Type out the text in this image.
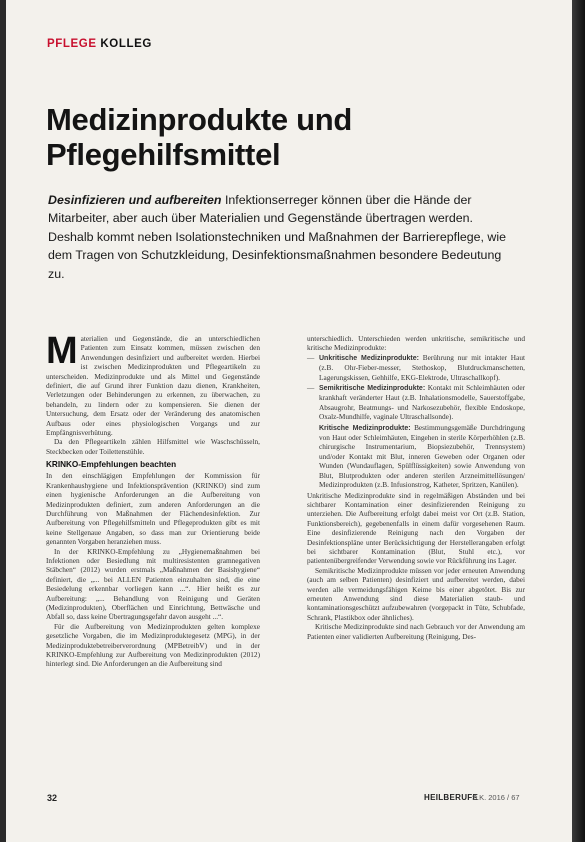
PFLEGE KOLLEG
Medizinprodukte und
Pflegehilfsmittel
Desinfizieren und aufbereiten Infektionserreger können über die Hände der Mitarbeiter, aber auch über Materialien und Gegenstände übertragen werden. Deshalb kommt neben Isolationstechniken und Maßnahmen der Barrierepflege, wie dem Tragen von Schutzkleidung, Desinfektionsmaßnahmen besondere Bedeutung zu.

Materialien und Gegenstände, die an unterschiedlichen Patienten zum Einsatz kommen, müssen zwischen den Anwendungen desinfiziert und aufbereitet werden. Hierbei ist zwischen Medizinprodukten und Pflegeartikeln zu unterscheiden. Medizinprodukte und als Mittel und Gegenstände definiert, die auf Grund ihrer Funktion dazu dienen, Krankheiten, Verletzungen oder Behinderungen zu erkennen, zu überwachen, zu behandeln, zu lindern oder zu kompensieren. Sie dienen der Untersuchung, dem Ersatz oder der Veränderung des anatomischen Aufbaus oder eines physiologischen Vorgangs und zur Empfängnisverhütung.

Da den Pflegeartikeln zählen Hilfsmittel wie Waschschüsseln, Steckbecken oder Toilettenstühle.

KRINKO-Empfehlungen beachten

In den einschlägigen Empfehlungen der Kommission für Krankenhaushygiene und Infektionsprävention (KRINKO) sind zum einen hygienische Anforderungen an die Aufbereitung von Medizinprodukten definiert, zum anderen Anforderungen an die Durchführung von Maßnahmen der Flächendesinfektion. Zur Aufbereitung von Pflegehilfsmitteln und Pflegeprodukten gibt es mit keine Stellgenaue Angaben, so dass man zur Orientierung beide genannten Vorgaben heranziehen muss.

In der KRINKO-Empfehlung zu „Hygienemaßnahmen bei Infektionen oder Besiedlung mit multiresistenten gramnegativen Stäbchen“ (2012) wurden erstmals „Maßnahmen der Basishygiene“ definiert, die „... bei ALLEN Patienten einzuhalten sind, die eine Besiedelung erkennbar vorliegen kann ...“. Hier heißt es zur Aufbereitung: „... Behandlung von Reinigung und Geräten (Medizinprodukten), Oberflächen und Einrichtung, Bettwäsche und Abfall so, dass keine Übertragungsgefahr davon ausgeht ...“.

Für die Aufbereitung von Medizinprodukten gelten komplexe gesetzliche Vorgaben, die im Medizinproduktegesetz (MPG), in der Medizinproduktebetreiberverordnung (MPBetreibV) und in der KRINKO-Empfehlung zur Aufbereitung von Medizinprodukten (2012) hinterlegt sind. Die Anforderungen an die Aufbereitung sind

unterschiedlich. Unterschieden werden unkritische, semikritische und kritische Medizinprodukte:

— Unkritische Medizinprodukte: Berührung nur mit intakter Haut (z.B. Ohr-Fieber-messer, Stethoskop, Blutdruckmanschetten, Lagerungskissen, Gehhilfe, EKG-Elektrode, Ultraschallkopf).
— Semikritische Medizinprodukte: Kontakt mit Schleimhäuten oder krankhaft veränderter Haut (z.B. Inhalationsmodelle, Sauerstoffgabe, Absaugrohr, Beatmungs- und Narkosezubehör, flexible Endoskope, Oxalz-Mundhilfe, vaginale Ultraschallsonde).
Kritische Medizinprodukte: Bestimmungsgemäße Durchdringung von Haut oder Schleimhäuten, Eingehen in sterile Körperhöhlen (z.B. chirurgische Instrumentarium, Biopsiezubehör, Trennsystem) und/oder Kontakt mit Blut, inneren Geweben oder Organen oder Wunden (Wundauflagen, Spülflüssigkeiten) sowie Anwendung von Blut, Blutprodukten oder anderen sterilen Arzneimittellösungen/ Medizinprodukten (z.B. Infusionstrog, Katheter, Spritzen, Kanülen).

Unkritische Medizinprodukte sind in regelmäßigen Abständen und bei sichtbarer Kontamination einer desinfizierenden Reinigung zu unterziehen. Die Aufbereitung erfolgt dabei meist vor Ort (z.B. Station, Funktionsbereich), gegebenenfalls in einem dafür vorgesehenen Raum. Eine desinfizierende Reinigung nach den Vorgaben der Desinfektionspläne unter Berücksichtigung der Herstellerangaben erfolgt bei sichtbarer Kontamination (Blut, Stuhl etc.), vor patientenübergreifender Verwendung sowie vor Rückführung ins Lager.

Semikritische Medizinprodukte müssen vor jeder erneuten Anwendung (auch am selben Patienten) desinfiziert und aufbereitet werden, dabei werden alle vermeidungsfähigen Keime bis einer abgetötet. Bis zur erneuten Anwendung sind diese Materialien staub- und kontaminationsgeschützt aufzubewahren (vorgepackt in Tüte, Schubfade, Schrank, Plastikbox oder ähnliches).

Kritische Medizinprodukte sind nach Gebrauch vor der Anwendung am Patienten einer validierten Aufbereitung (Reinigung, Des-

32	HEILBERUFE
S.K. 2016 / 67
